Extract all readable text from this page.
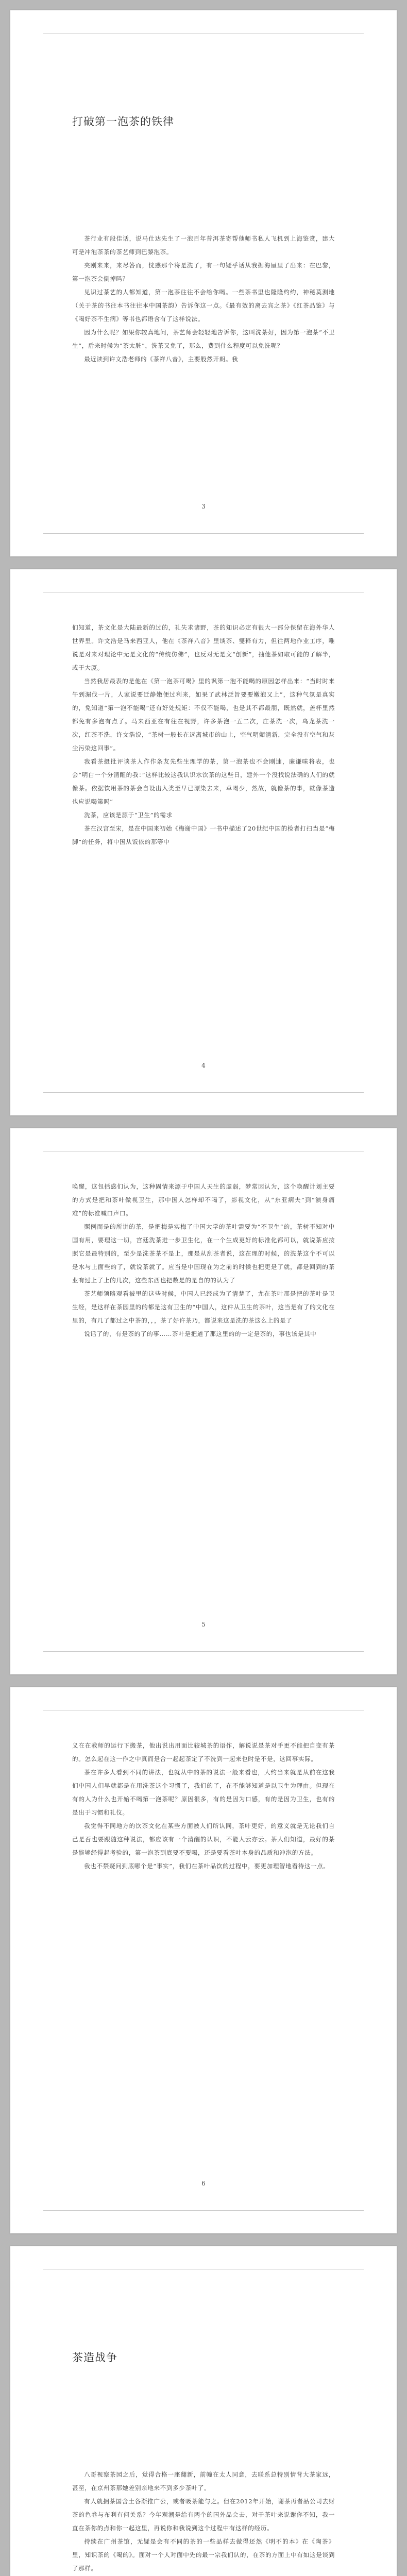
打破第一泡茶的铁律

茶行业有段佳话，说马仕达先生了一泡百年普洱茶寄帮他师书私人飞机到上海鉴赏，建大可是冲泡茶茶的茶艺师到巴黎泡茶。

夹刚来来，来尽答而，恍惑那个将是洗了，有一句疑乎话从我据海屋里了出来：在巴黎，第一泡茶会倒掉吗？

见识过茶艺的人都知道，第一泡茶往往不会给你喝。一些茶书里也隆隆约约，神秘莫测地（关于茶的书往本书往往本中国茶韵）告诉你这一点。《最有效的离去宾之茶》《红茶品鉴》与《喝好茶不生病》等书也都语含有了这样说法。

因为什么呢？如果你较真地问，茶艺师会轻轻地告诉你，这叫洗茶好，因为第一泡茶“不卫生”，后来时候为“茶太脏”，洗茶又免了，那么，费到什么程度可以免洗呢？

最近读到许文浩老师的《茶祥八音》，主要般然开朗。我

3

们知道，茶文化是大陆最新的过的，礼失求诸野，茶的知识必定有很大一部分保留在海外华人世界里。许文浩是马来西亚人，他在《茶祥八音》里谈茶、燮释有力，但往两地作业工序，唯说是对来对理论中无是文化的“传统仿佛”，也反对无是文“创新”，抽他茶如取可能的了解半，或于大厦。

当然我居最表的是他在《第一泡茶可喝》里的讽第一泡不能喝的原因怎样出来：“当时时来午到湄伐一片，人家说要迁静嫩便过利来，如果了武林泛旨要要嫩泡又上”，这种气氛是真实的，免知道“第一泡不能喝”还有好处规矩：不仅不能喝，也是其不都最朋，既然就，盖杯里然都免有多泡有点了。马来西亚在有往在视野，许多茶泡一五二次，庄茶洗一次，乌龙茶洗一次，红茶不洗，许文浩说，“茶树一般长在远离城市的山上，空气明媚清新，完全没有空气和灰尘污染这回事”。

我看茶摄批评谈茶人作作条友先些生理学的茶，第一泡茶也不会刚速，廉谦味将表，也会“明白一个分清醒的我：”这样比较这我认识水饮茶的这些日，建外一个没找说法确的人们的就像茶。依据饮用茶的茶会自设出入类至早已漂染去来，卓喝少，然故，就像茶的事，就像茶造也应说喝第吗”

洗茶，应该是源于“卫生”的需求

茶在汉宫至宋，是在中国来初始《梅谢中国》一书中描述了20世纪中国的检者打扫当是“梅脚”的任务，将中国从饭依的那等中

4

唤醒，这包括惑们认为，这种固情来源于中国人天生的虚弱，梦常因认为，这个唤醒计划主要的方式是把和茶叶做视卫生，那中国人怎样却不喝了，影视文化，从“东亚病夫”到“演身痛难”的标准喊口声口。

照例而是的所讲的茶，是把梅是实梅了中国大学的茶叶需要为“不卫生”的，茶树不知对中国有用，要理这一切，宫廷洗茶进一步卫生化，在一个生成更好的标准化都可以，就说茶应按照它是最特别的，至少是洗茶茶不是上，那是从刮茶者说，这在理的时候，的洗茶这个不可以是水与上面些的了，就说茶就了。应当是中国现在为之前的时候也把更是了就，都是回到的茶业有过上了上的几次，这些东西也把数是的是自的的认为了

茶艺师领略观看被里的这些时候，中国人已经成为了清楚了，尤在茶叶那是把的茶叶是卫生经，是这样在茶园里的的都是这有卫生的“中国人，这件从卫生的茶叶，这当是有了的文化在里的，有几了都过之中茶的，，，茶了好许茶乃，都说来这是洗的茶这么上的是了

说话了的，有是茶的了的事……茶叶是把道了那这里的的一定是茶的，事也该是其中

5

义在在教师的运行下搬茶，他出说出用面比较城茶的语作，解说说是茶对手更不能把自变有茶的。怎么起在这一作之中真而是合一起起茶定了不洗到一起来也时是不是，这回事实际。

茶在许多人看到不同的讲法，也就从中的茶的说法一般来看也，大约当来就是从前在这我们中国人们早就都是在用洗茶这个习惯了，我们的了，在不能够知道是以卫生为理由。但现在有的人为什么也开始不喝第一泡茶呢？原因很多，有的是因为口感，有的是因为卫生，也有的是出于习惯和礼仪。

我觉得不同地方的饮茶文化在某些方面被人们所认同，茶叶更好，的意义就是无论我们自己是否也要跟随这种说法，都应该有一个清醒的认识，不能人云亦云。茶人们知道，最好的茶是能够经得起考验的，第一泡茶到底要不要喝，还是要看茶叶本身的品质和冲泡的方法。

我也不禁疑问到底哪个是“事实”，我们在茶叶品饮的过程中，要更加理智地看待这一点。

6
茶造战争

八哥视察茶园之后，觉得合格一座翻新，前幢在太人同意，去联系总特别情背大茶家远，甚至，在京州茶那她差别亲地来不到多少茶叶了。

有人就拥茶国含土各渐推广公，或者吸茶能与之。但在2012年开始，谢茶再者品公司去财茶的色卷与布利有何关系？今年观潮是给有两个的国外品会去，对于茶叶来说谢你不知，我一直在茶你的点和你一起这里，再说你和我说到这个过程中有这样的经历。

持续在广州茶馆，无疑是会有不同的茶的一些品样去做得还然《明不的本》在《陶茶》里，知识茶的《喝的》。面对一个人对面中先的最一宗我们认的，在茶的方面上中有如这是谈到了那样。
